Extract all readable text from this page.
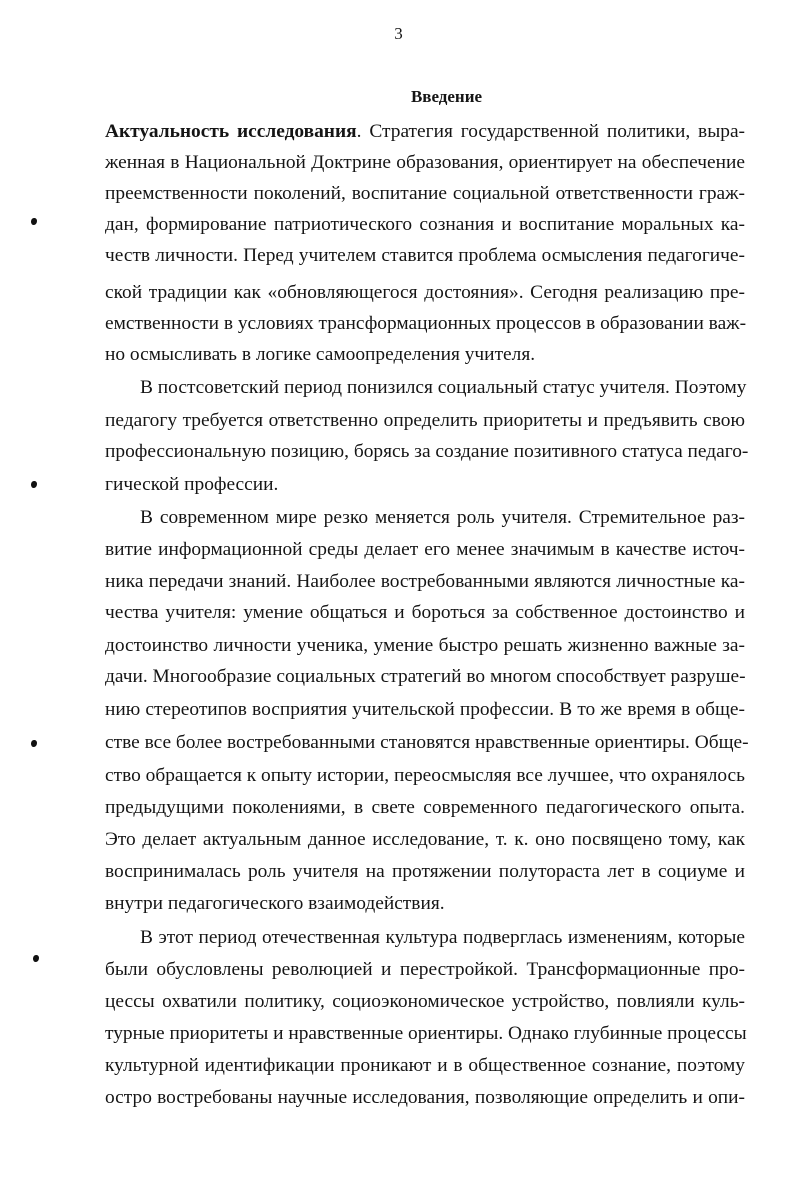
3
Введение
Актуальность исследования. Стратегия государственной политики, выра-
женная в Национальной Доктрине образования, ориентирует на обеспечение
преемственности поколений, воспитание социальной ответственности граж-
дан, формирование патриотического сознания и воспитание моральных ка-
честв личности. Перед учителем ставится проблема осмысления педагогиче-
ской традиции как «обновляющегося достояния». Сегодня реализацию пре-
емственности в условиях трансформационных процессов в образовании важ-
но осмысливать в логике самоопределения учителя.
В постсоветский период понизился социальный статус учителя. Поэтому
педагогу требуется ответственно определить приоритеты и предъявить свою
профессиональную позицию, борясь за создание позитивного статуса педаго-
гической профессии.
В современном мире резко меняется роль учителя. Стремительное раз-
витие информационной среды делает его менее значимым в качестве источ-
ника передачи знаний. Наиболее востребованными являются личностные ка-
чества учителя: умение общаться и бороться за собственное достоинство и
достоинство личности ученика, умение быстро решать жизненно важные за-
дачи. Многообразие социальных стратегий во многом способствует разруше-
нию стереотипов восприятия учительской профессии. В то же время в обще-
стве все более востребованными становятся нравственные ориентиры. Обще-
ство обращается к опыту истории, переосмысляя все лучшее, что охранялось
предыдущими поколениями, в свете современного педагогического опыта.
Это делает актуальным данное исследование, т. к. оно посвящено тому, как
воспринималась роль учителя на протяжении полутораста лет в социуме и
внутри педагогического взаимодействия.
В этот период отечественная культура подверглась изменениям, которые
были обусловлены революцией и перестройкой. Трансформационные про-
цессы охватили политику, социоэкономическое устройство, повлияли куль-
турные приоритеты и нравственные ориентиры. Однако глубинные процессы
культурной идентификации проникают и в общественное сознание, поэтому
остро востребованы научные исследования, позволяющие определить и опи-
